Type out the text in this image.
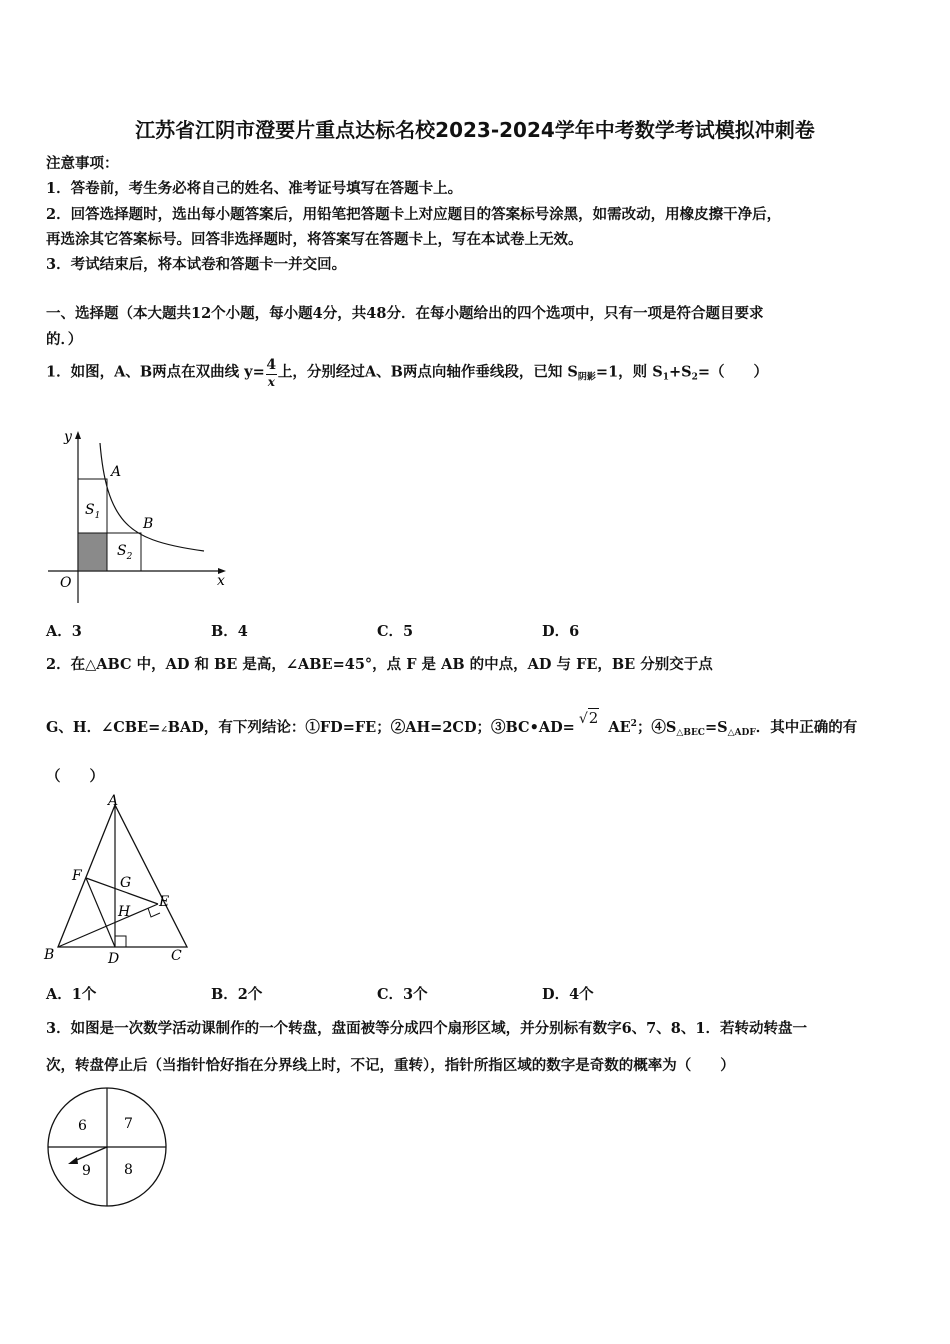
江苏省江阴市澄要片重点达标名校2023-2024学年中考数学考试模拟冲刺卷
注意事项：
1．答卷前，考生务必将自己的姓名、准考证号填写在答题卡上。
2．回答选择题时，选出每小题答案后，用铅笔把答题卡上对应题目的答案标号涂黑，如需改动，用橡皮擦干净后，
再选涂其它答案标号。回答非选择题时，将答案写在答题卡上，写在本试卷上无效。
3．考试结束后，将本试卷和答题卡一并交回。
一、选择题（本大题共12个小题，每小题4分，共48分．在每小题给出的四个选项中，只有一项是符合题目要求
的．）
1．如图，A、B两点在双曲线 $y= \frac{4}{x}$ 上，分别经过A、B两点向轴作垂线段，已知 $S_{阴影}=1$，则 $S_1+S_2=$（　　）
y
x
O
A
B
$S_1$
$S_2$
A．3	B．4	C．5	D．6
2．在△ABC 中，AD 和 BE 是高，∠ABE=45°，点 F 是 AB 的中点，AD 与 FE，BE 分别交于点
G、H．∠CBE=∠BAD，有下列结论：①FD=FE；②AH=2CD；③BC•AD= √2 $AE^2$；$④S_{\triangle BEC}=S_{\triangle ADF}$．其中正确的有
（　　）
A
B	C
D
E
F	G
H
A．1个	B．2个	C．3个	D．4个
3．如图是一次数学活动课制作的一个转盘，盘面被等分成四个扇形区域，并分别标有数字6、7、8、1．若转动转盘一
次，转盘停止后（当指针恰好指在分界线上时，不记，重转），指针所指区域的数字是奇数的概率为（　　）
6	7
9 8
